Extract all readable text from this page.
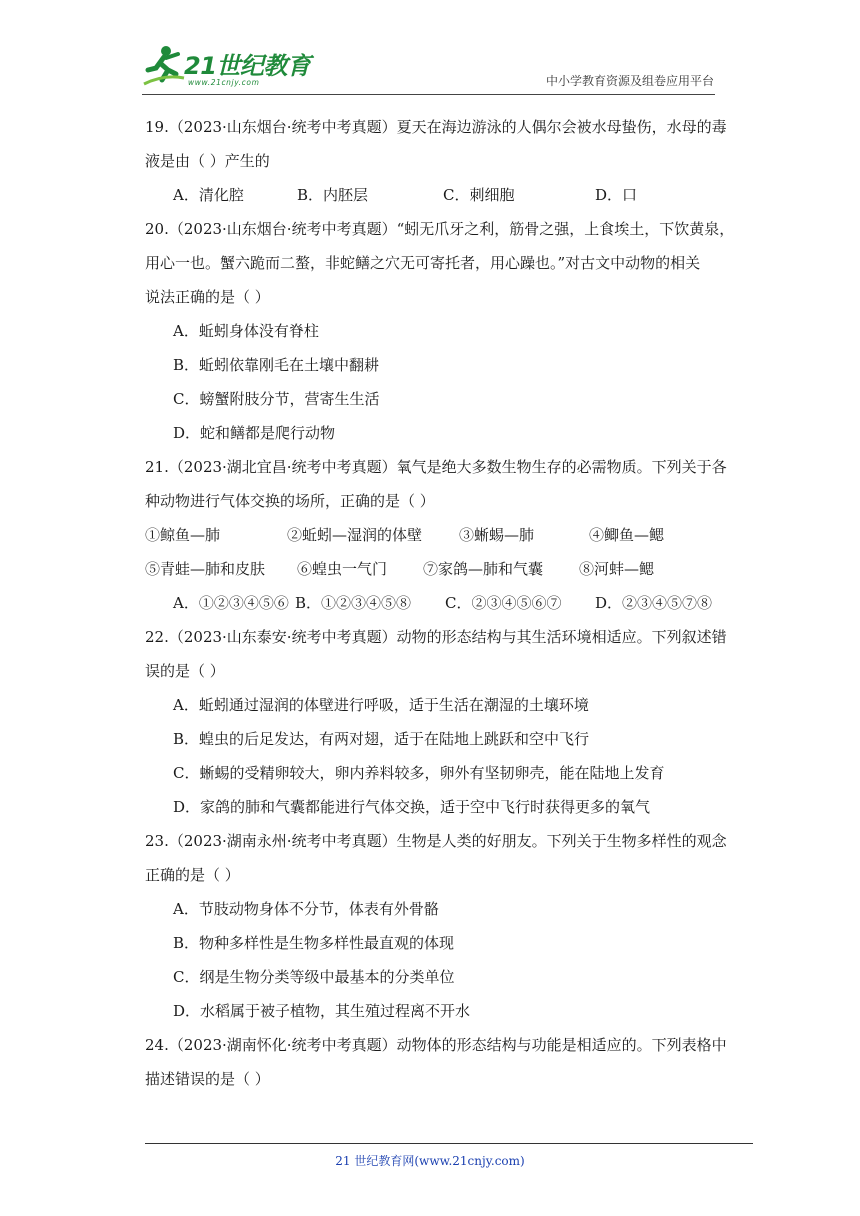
21世纪教育
www.21cnjy.com	中小学教育资源及组卷应用平台
19.（2023·山东烟台·统考中考真题）夏天在海边游泳的人偶尔会被水母蛰伤，水母的毒
液是由（ ）产生的
A．清化腔	B．内胚层	C．刺细胞	D．口
20.（2023·山东烟台·统考中考真题）“蚓无爪牙之利，筋骨之强，上食埃土，下饮黄泉，
用心一也。蟹六跪而二螯，非蛇鳝之穴无可寄托者，用心躁也。”对古文中动物的相关
说法正确的是（ ）
A．蚯蚓身体没有脊柱
B．蚯蚓依靠刚毛在土壤中翻耕
C．螃蟹附肢分节，营寄生生活
D．蛇和鳝都是爬行动物
21.（2023·湖北宜昌·统考中考真题）氧气是绝大多数生物生存的必需物质。下列关于各
种动物进行气体交换的场所，正确的是（ ）
①鲸鱼—肺	②蚯蚓—湿润的体壁	③蜥蜴—肺	④鲫鱼—鳃
⑤青蛙—肺和皮肤	⑥蝗虫一气门	⑦家鸽—肺和气囊	⑧河蚌—鳃
A．①②③④⑤⑥ B．①②③④⑤⑧	C．②③④⑤⑥⑦	D．②③④⑤⑦⑧
22.（2023·山东泰安·统考中考真题）动物的形态结构与其生活环境相适应。下列叙述错
误的是（ ）
A．蚯蚓通过湿润的体壁进行呼吸，适于生活在潮湿的土壤环境
B．蝗虫的后足发达，有两对翅，适于在陆地上跳跃和空中飞行
C．蜥蜴的受精卵较大，卵内养料较多，卵外有坚韧卵壳，能在陆地上发育
D．家鸽的肺和气囊都能进行气体交换，适于空中飞行时获得更多的氧气
23.（2023·湖南永州·统考中考真题）生物是人类的好朋友。下列关于生物多样性的观念
正确的是（ ）
A．节肢动物身体不分节，体表有外骨骼
B．物种多样性是生物多样性最直观的体现
C．纲是生物分类等级中最基本的分类单位
D．水稻属于被子植物，其生殖过程离不开水
24.（2023·湖南怀化·统考中考真题）动物体的形态结构与功能是相适应的。下列表格中
描述错误的是（ ）
21 世纪教育网(www.21cnjy.com)
